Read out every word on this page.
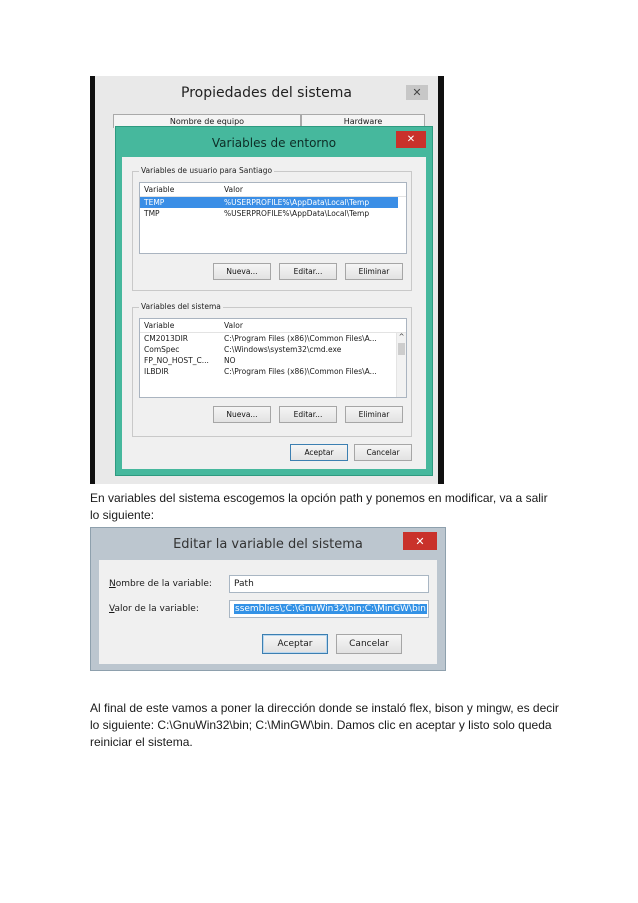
Propiedades del sistema	✕
Nombre de equipo	Hardware
Variables de entorno	✕
Variables de usuario para Santiago
Variable	Valor
TEMP	%USERPROFILE%\AppData\Local\Temp
TMP	%USERPROFILE%\AppData\Local\Temp
Nueva...	Editar...	Eliminar
Variables del sistema
Variable	Valor
CM2013DIR	C:\Program Files (x86)\Common Files\A...
ComSpec	C:\Windows\system32\cmd.exe
FP_NO_HOST_C...	NO
ILBDIR	C:\Program Files (x86)\Common Files\A...
^
Nueva...	Editar...	Eliminar
Aceptar	Cancelar

En variables del sistema escogemos la opción path y ponemos en modificar, va a salir lo siguiente:

Editar la variable del sistema	✕
Nombre de la variable:	Path
Valor de la variable:	ssemblies\;C:\GnuWin32\bin;C:\MinGW\bin
Aceptar	Cancelar

Al final de este vamos a poner la dirección donde se instaló flex, bison y mingw, es decir lo siguiente: C:\GnuWin32\bin; C:\MinGW\bin. Damos clic en aceptar y listo solo queda reiniciar el sistema.
